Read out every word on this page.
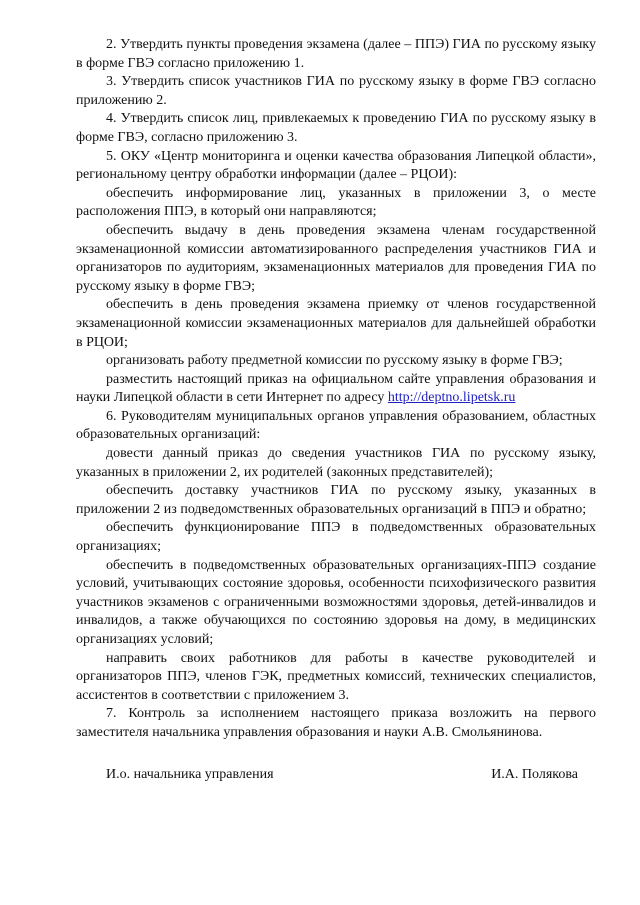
2. Утвердить пункты проведения экзамена (далее – ППЭ) ГИА по русскому языку в форме ГВЭ согласно приложению 1.

3. Утвердить список участников ГИА по русскому языку в форме ГВЭ согласно приложению 2.

4. Утвердить список лиц, привлекаемых к проведению ГИА по русскому языку в форме ГВЭ, согласно приложению 3.

5. ОКУ «Центр мониторинга и оценки качества образования Липецкой области», региональному центру обработки информации (далее – РЦОИ):

обеспечить информирование лиц, указанных в приложении 3, о месте расположения ППЭ, в который они направляются;

обеспечить выдачу в день проведения экзамена членам государственной экзаменационной комиссии автоматизированного распределения участников ГИА и организаторов по аудиториям, экзаменационных материалов для проведения ГИА по русскому языку в форме ГВЭ;

обеспечить в день проведения экзамена приемку от членов государственной экзаменационной комиссии экзаменационных материалов для дальнейшей обработки в РЦОИ;

организовать работу предметной комиссии по русскому языку в форме ГВЭ;

разместить настоящий приказ на официальном сайте управления образования и науки Липецкой области в сети Интернет по адресу http://deptno.lipetsk.ru

6. Руководителям муниципальных органов управления образованием, областных образовательных организаций:

довести данный приказ до сведения участников ГИА по русскому языку, указанных в приложении 2, их родителей (законных представителей);

обеспечить доставку участников ГИА по русскому языку, указанных в приложении 2 из подведомственных образовательных организаций в ППЭ и обратно;

обеспечить функционирование ППЭ в подведомственных образовательных организациях;

обеспечить в подведомственных образовательных организациях-ППЭ создание условий, учитывающих состояние здоровья, особенности психофизического развития участников экзаменов с ограниченными возможностями здоровья, детей-инвалидов и инвалидов, а также обучающихся по состоянию здоровья на дому, в медицинских организациях условий;

направить своих работников для работы в качестве руководителей и организаторов ППЭ, членов ГЭК, предметных комиссий, технических специалистов, ассистентов в соответствии с приложением 3.

7. Контроль за исполнением настоящего приказа возложить на первого заместителя начальника управления образования и науки А.В. Смольянинова.

И.о. начальника управления	И.А. Полякова
